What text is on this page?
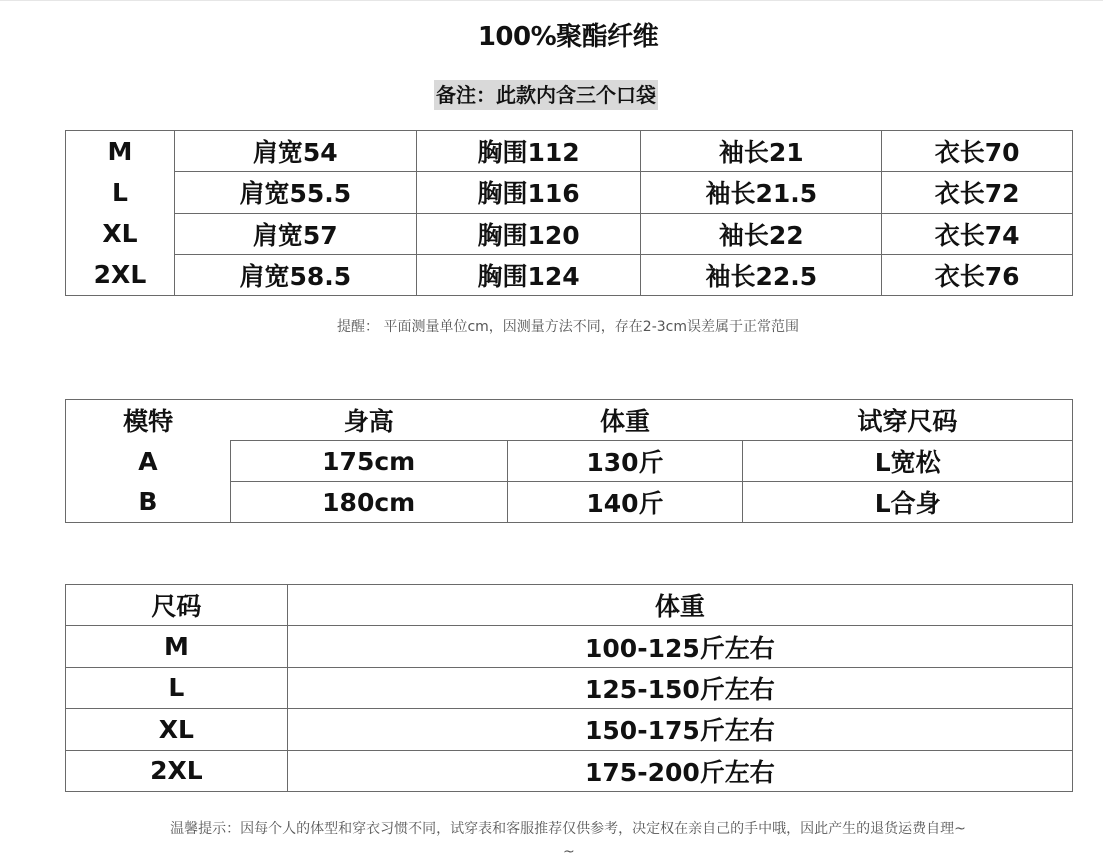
100%聚酯纤维
备注：此款内含三个口袋
M	肩宽54	胸围112	袖长21	衣长70
L	肩宽55.5	胸围116	袖长21.5	衣长72
XL	肩宽57	胸围120	袖长22	衣长74
2XL	肩宽58.5	胸围124	袖长22.5	衣长76
提醒： 平面测量单位cm，因测量方法不同，存在2-3cm误差属于正常范围
模特	身高	体重	试穿尺码
A	175cm	130斤	L宽松
B	180cm	140斤	L合身
尺码	体重
M	100-125斤左右
L	125-150斤左右
XL	150-175斤左右
2XL	175-200斤左右
温馨提示：因每个人的体型和穿衣习惯不同，试穿表和客服推荐仅供参考，决定权在亲自己的手中哦，因此产生的退货运费自理~
~
